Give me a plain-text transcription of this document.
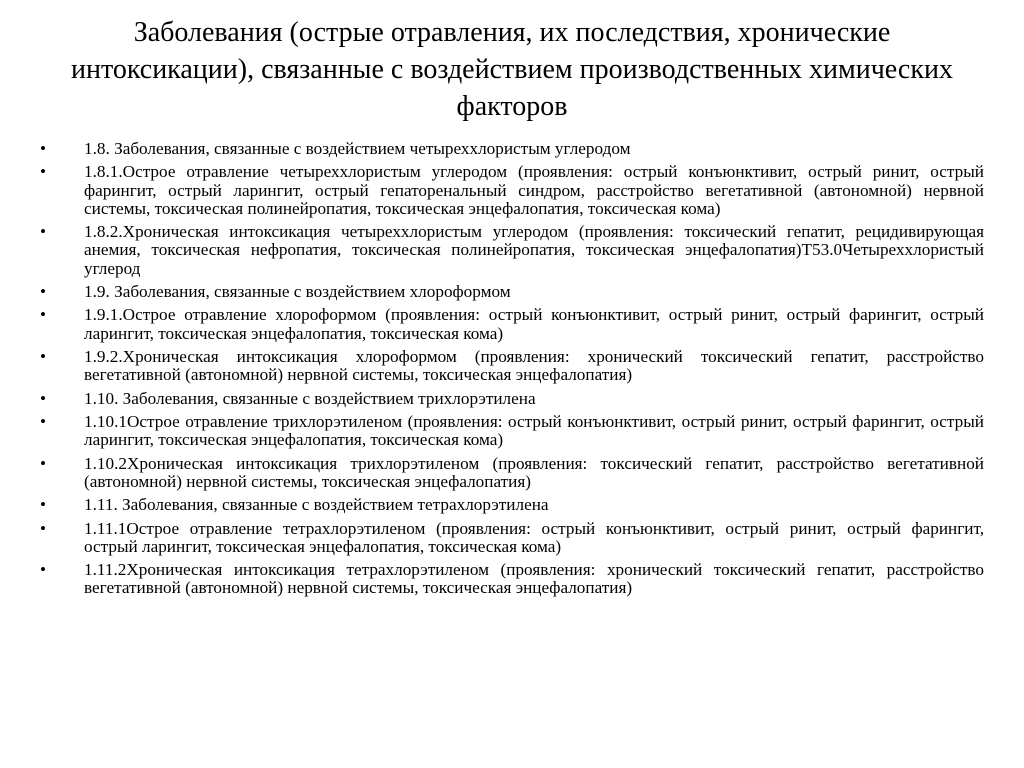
Заболевания (острые отравления, их последствия, хронические интоксикации), связанные с воздействием производственных химических факторов
•	1.8. Заболевания, связанные с воздействием четыреххлористым углеродом
•	1.8.1.Острое отравление четыреххлористым углеродом (проявления: острый конъюнктивит, острый ринит, острый фарингит, острый ларингит, острый гепаторенальный синдром, расстройство вегетативной (автономной) нервной системы, токсическая полинейропатия, токсическая энцефалопатия, токсическая кома)
•	1.8.2.Хроническая интоксикация четыреххлористым углеродом (проявления: токсический гепатит, рецидивирующая анемия, токсическая нефропатия, токсическая полинейропатия, токсическая энцефалопатия)T53.0Четыреххлористый углерод
•	1.9. Заболевания, связанные с воздействием хлороформом
•	1.9.1.Острое отравление хлороформом (проявления: острый конъюнктивит, острый ринит, острый фарингит, острый ларингит, токсическая энцефалопатия, токсическая кома)
•	1.9.2.Хроническая интоксикация хлороформом (проявления: хронический токсический гепатит, расстройство вегетативной (автономной) нервной системы, токсическая энцефалопатия)
•	1.10. Заболевания, связанные с воздействием трихлорэтилена
•	1.10.1Острое отравление трихлорэтиленом (проявления: острый конъюнктивит, острый ринит, острый фарингит, острый ларингит, токсическая энцефалопатия, токсическая кома)
•	1.10.2Хроническая интоксикация трихлорэтиленом (проявления: токсический гепатит, расстройство вегетативной (автономной) нервной системы, токсическая энцефалопатия)
•	1.11. Заболевания, связанные с воздействием тетрахлорэтилена
•	1.11.1Острое отравление тетрахлорэтиленом (проявления: острый конъюнктивит, острый ринит, острый фарингит, острый ларингит, токсическая энцефалопатия, токсическая кома)
•	1.11.2Хроническая интоксикация тетрахлорэтиленом (проявления: хронический токсический гепатит, расстройство вегетативной (автономной) нервной системы, токсическая энцефалопатия)
